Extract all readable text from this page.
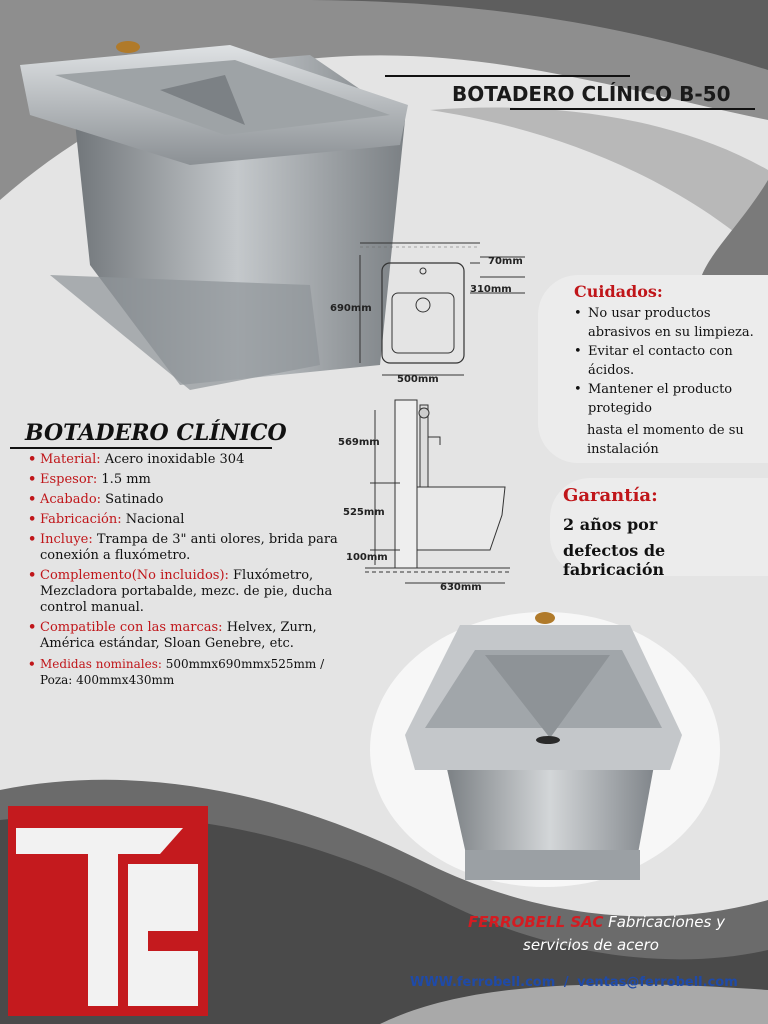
BOTADERO CLÍNICO B-50
70mm
310mm
690mm
500mm
569mm
525mm
100mm
630mm
BOTADERO CLÍNICO
• Material: Acero inoxidable 304
• Espesor: 1.5 mm
• Acabado: Satinado
• Fabricación: Nacional
• Incluye: Trampa de 3" anti olores, brida para conexión a fluxómetro.
• Complemento(No incluidos): Fluxómetro, Mezcladora portabalde, mezc. de pie, ducha control manual.
• Compatible con las marcas: Helvex, Zurn, América estándar, Sloan Genebre, etc.
• Medidas nominales: 500mmx690mmx525mm / Poza: 400mmx430mm
Cuidados:
• No usar productos abrasivos en su limpieza.
• Evitar el contacto con ácidos.
• Mantener el producto protegido
hasta el momento de su instalación
Garantía:
2 años por
defectos de fabricación
FERROBELL SAC Fabricaciones y
servicios de acero
WWW.ferrobell.com / ventas@ferrobell.com
